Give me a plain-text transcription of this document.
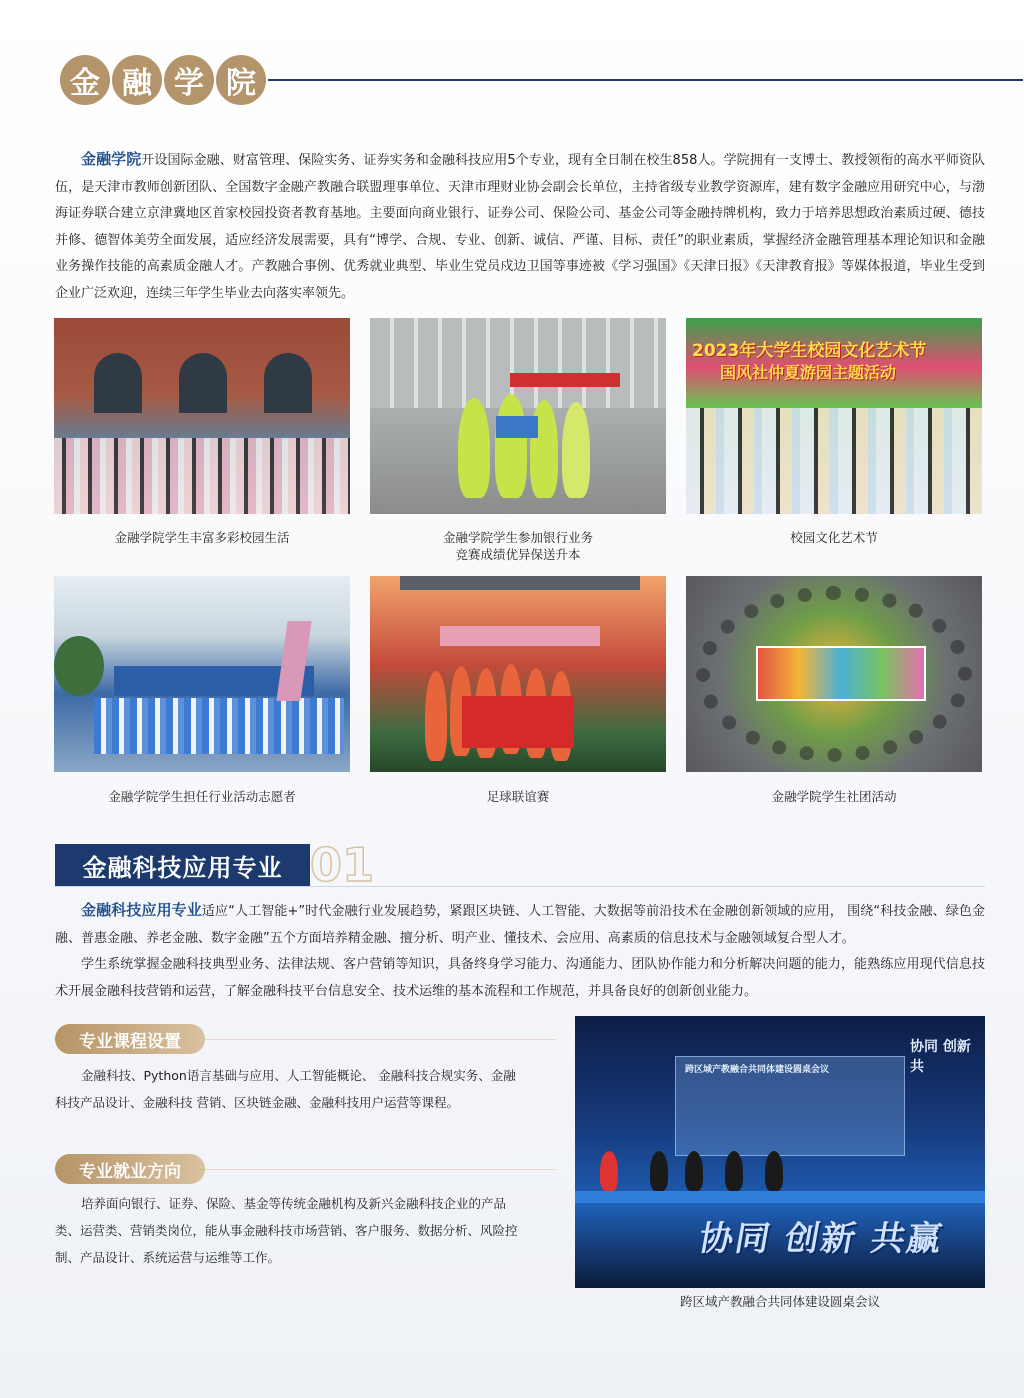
金 融 学 院

金融学院开设国际金融、财富管理、保险实务、证券实务和金融科技应用5个专业，现有全日制在校生858人。学院拥有一支博士、教授领衔的高水平师资队伍，是天津市教师创新团队、全国数字金融产教融合联盟理事单位、天津市理财业协会副会长单位，主持省级专业教学资源库，建有数字金融应用研究中心，与渤海证券联合建立京津冀地区首家校园投资者教育基地。主要面向商业银行、证券公司、保险公司、基金公司等金融持牌机构，致力于培养思想政治素质过硬、德技并修、德智体美劳全面发展，适应经济发展需要，具有“博学、合规、专业、创新、诚信、严谨、目标、责任”的职业素质，掌握经济金融管理基本理论知识和金融业务操作技能的高素质金融人才。产教融合事例、优秀就业典型、毕业生党员戍边卫国等事迹被《学习强国》《天津日报》《天津教育报》等媒体报道，毕业生受到企业广泛欢迎，连续三年学生毕业去向落实率领先。

金融学院学生丰富多彩校园生活	金融学院学生参加银行业务
竞赛成绩优异保送升本
2023年大学生校园文化艺术节
国风社仲夏游园主题活动
校园文化艺术节
金融学院学生担任行业活动志愿者	足球联谊赛	金融学院学生社团活动
金融科技应用专业 01

金融科技应用专业适应“人工智能+”时代金融行业发展趋势，紧跟区块链、人工智能、大数据等前沿技术在金融创新领域的应用， 围绕“科技金融、绿色金融、普惠金融、养老金融、数字金融”五个方面培养精金融、擅分析、明产业、懂技术、会应用、高素质的信息技术与金融领域复合型人才。

学生系统掌握金融科技典型业务、法律法规、客户营销等知识，具备终身学习能力、沟通能力、团队协作能力和分析解决问题的能力，能熟练应用现代信息技术开展金融科技营销和运营，了解金融科技平台信息安全、技术运维的基本流程和工作规范，并具备良好的创新创业能力。

专业课程设置

金融科技、Python语言基础与应用、人工智能概论、 金融科技合规实务、金融科技产品设计、金融科技 营销、区块链金融、金融科技用户运营等课程。

专业就业方向

培养面向银行、证券、保险、基金等传统金融机构及新兴金融科技企业的产品类、运营类、营销类岗位，能从事金融科技市场营销、客户服务、数据分析、风险控制、产品设计、系统运营与运维等工作。

跨区域产教融合共同体建设圆桌会议
协同 创新 共
协同 创新 共赢
跨区域产教融合共同体建设圆桌会议
